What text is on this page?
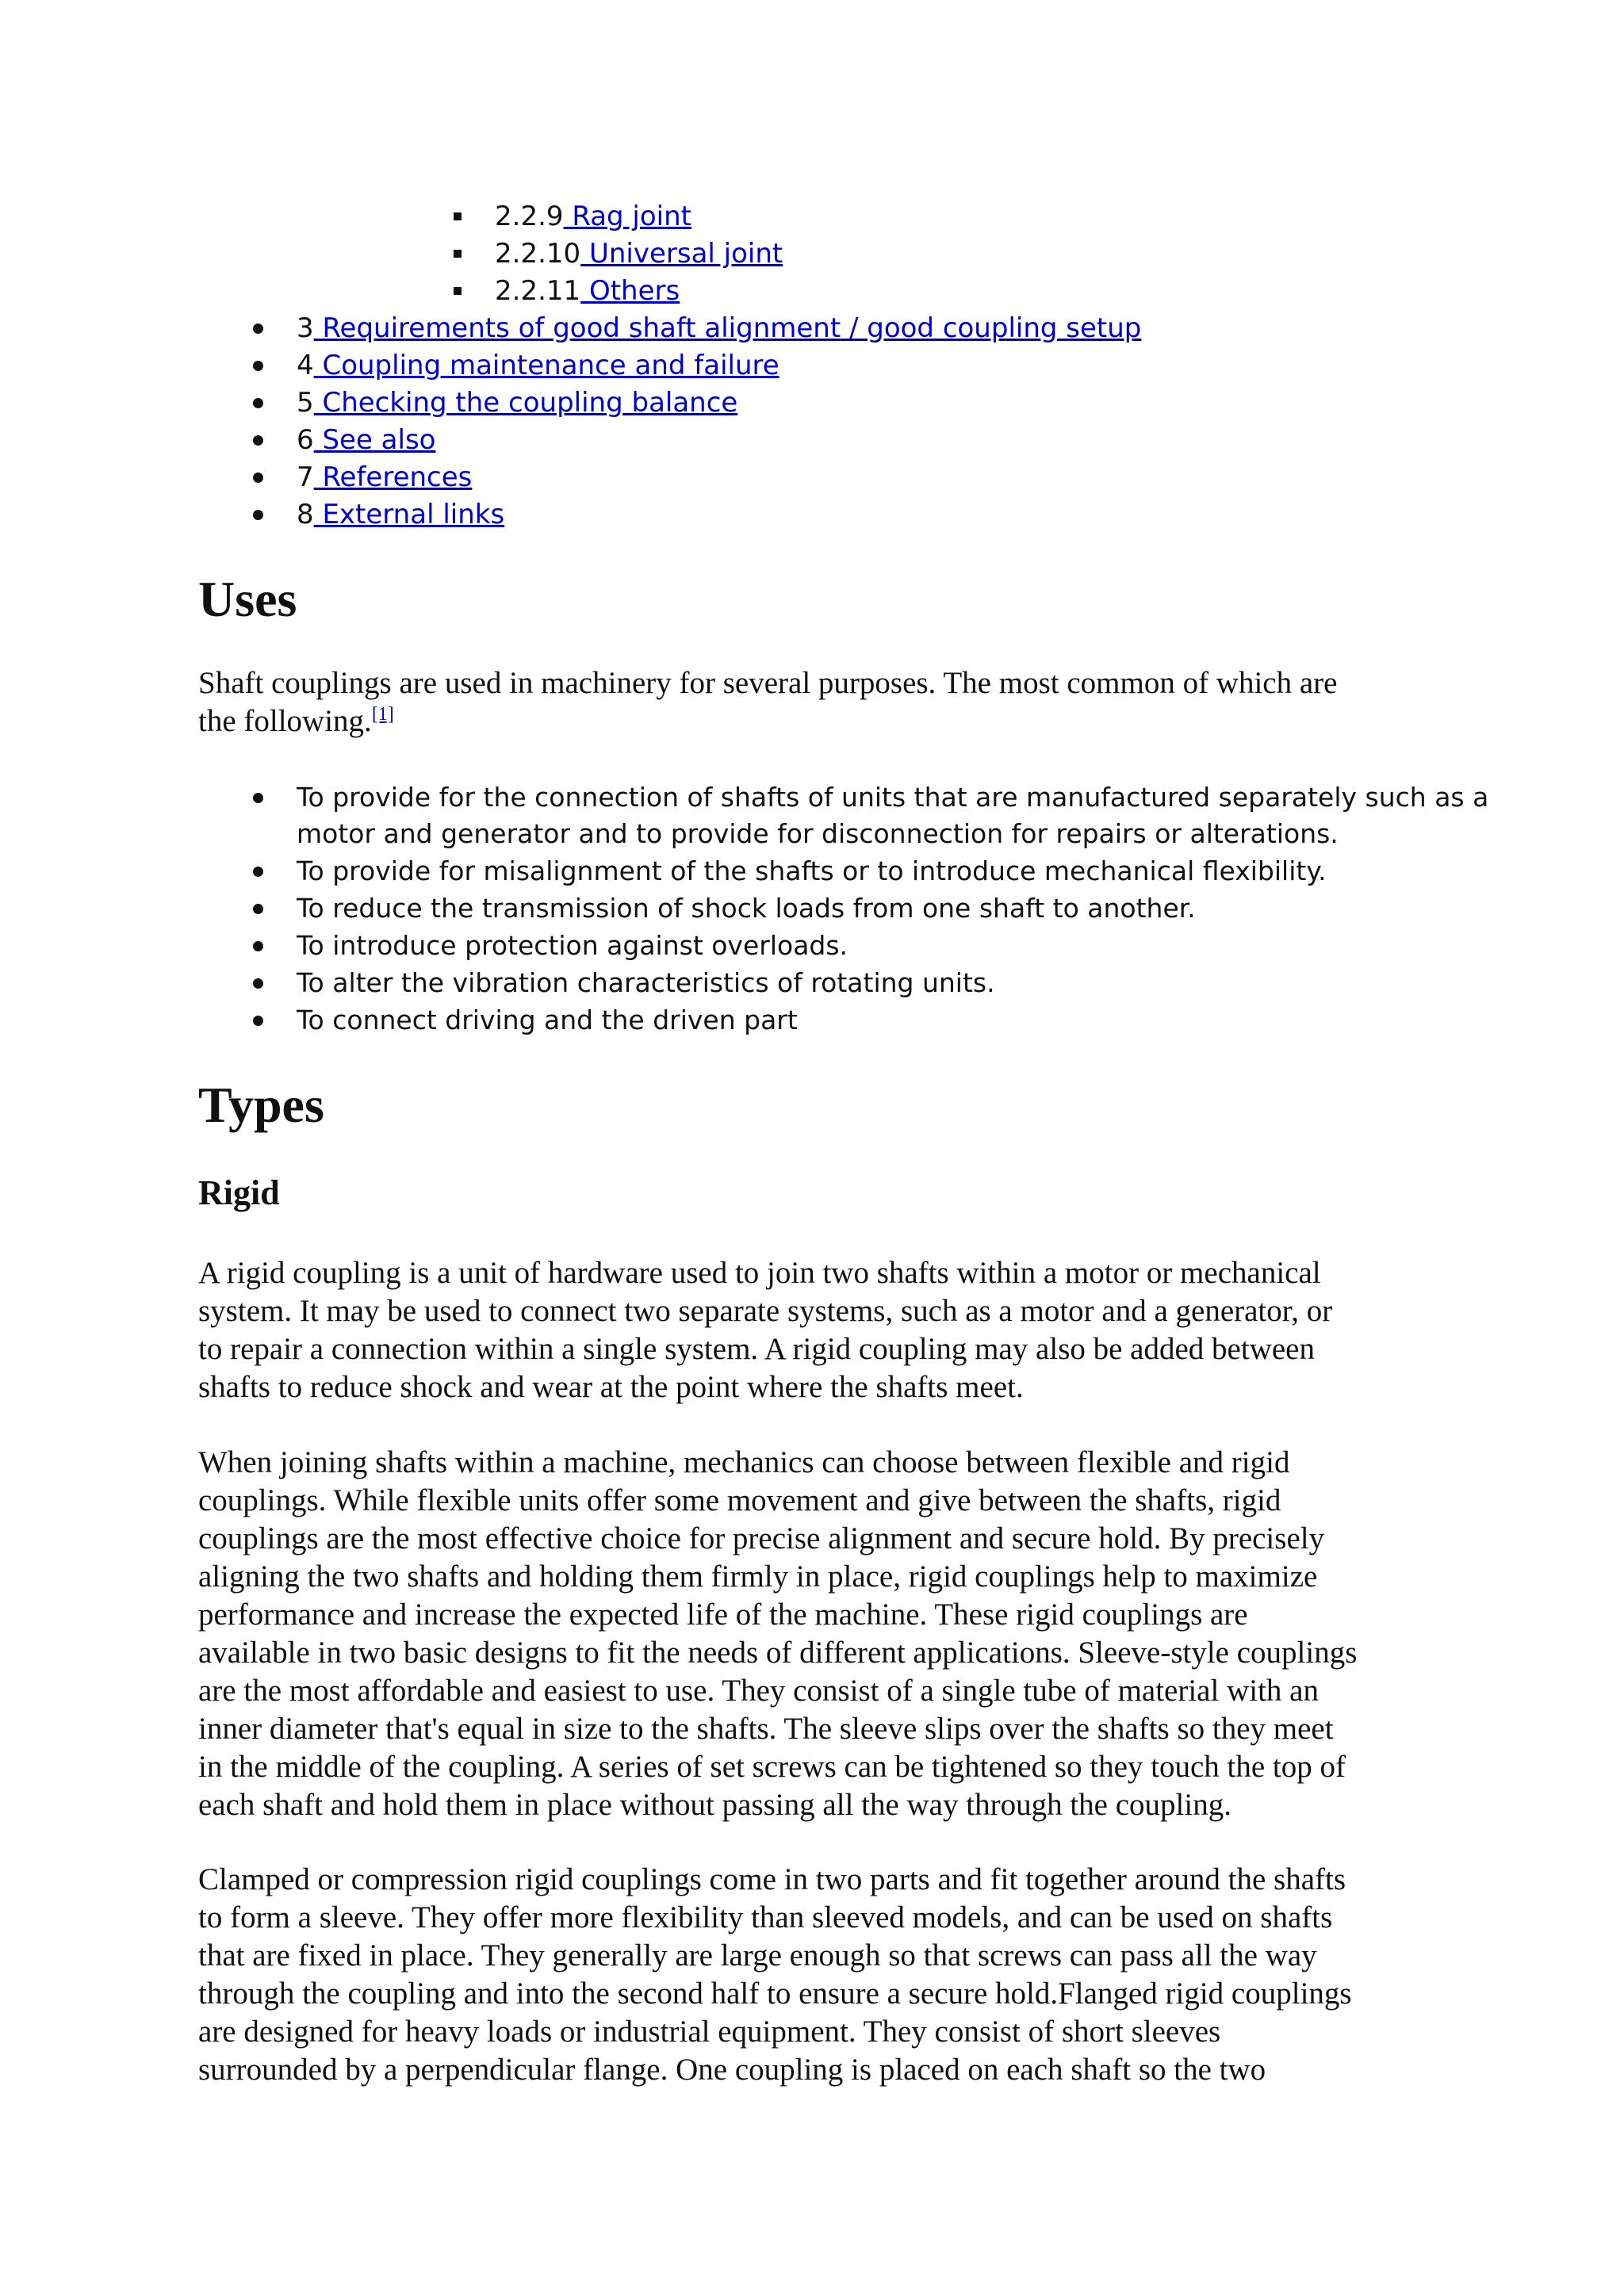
2.2.9 Rag joint
2.2.10 Universal joint
2.2.11 Others
3 Requirements of good shaft alignment / good coupling setup
4 Coupling maintenance and failure
5 Checking the coupling balance
6 See also
7 References
8 External links
Uses
Shaft couplings are used in machinery for several purposes. The most common of which are
the following.[1]
To provide for the connection of shafts of units that are manufactured separately such as a
motor and generator and to provide for disconnection for repairs or alterations.
To provide for misalignment of the shafts or to introduce mechanical flexibility.
To reduce the transmission of shock loads from one shaft to another.
To introduce protection against overloads.
To alter the vibration characteristics of rotating units.
To connect driving and the driven part
Types
Rigid
A rigid coupling is a unit of hardware used to join two shafts within a motor or mechanical
system. It may be used to connect two separate systems, such as a motor and a generator, or
to repair a connection within a single system. A rigid coupling may also be added between
shafts to reduce shock and wear at the point where the shafts meet.
When joining shafts within a machine, mechanics can choose between flexible and rigid
couplings. While flexible units offer some movement and give between the shafts, rigid
couplings are the most effective choice for precise alignment and secure hold. By precisely
aligning the two shafts and holding them firmly in place, rigid couplings help to maximize
performance and increase the expected life of the machine. These rigid couplings are
available in two basic designs to fit the needs of different applications. Sleeve-style couplings
are the most affordable and easiest to use. They consist of a single tube of material with an
inner diameter that's equal in size to the shafts. The sleeve slips over the shafts so they meet
in the middle of the coupling. A series of set screws can be tightened so they touch the top of
each shaft and hold them in place without passing all the way through the coupling.
Clamped or compression rigid couplings come in two parts and fit together around the shafts
to form a sleeve. They offer more flexibility than sleeved models, and can be used on shafts
that are fixed in place. They generally are large enough so that screws can pass all the way
through the coupling and into the second half to ensure a secure hold.Flanged rigid couplings
are designed for heavy loads or industrial equipment. They consist of short sleeves
surrounded by a perpendicular flange. One coupling is placed on each shaft so the two
